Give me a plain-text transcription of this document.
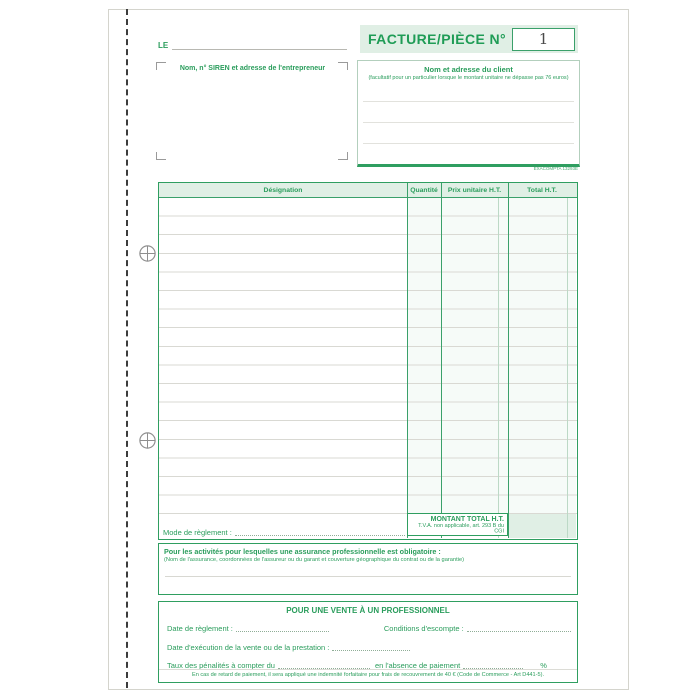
FACTURE/PIÈCE N°	1
LE
Nom, n° SIREN et adresse de l'entrepreneur	Nom et adresse du client
(facultatif pour un particulier lorsque le montant unitaire ne dépasse pas 76 euros)
EXACOMPTA 13293E
Désignation	Quantité	Prix unitaire H.T.	Total H.T.
MONTANT TOTAL H.T.
T.V.A. non applicable, art. 293 B du CGI
Mode de règlement :
Pour les activités pour lesquelles une assurance professionnelle est obligatoire :
(Nom de l'assurance, coordonnées de l'assureur ou du garant et couverture géographique du contrat ou de la garantie)
POUR UNE VENTE À UN PROFESSIONNEL
Date de règlement :	Conditions d'escompte :
Date d'exécution de la vente ou de la prestation :
Taux des pénalités à compter du	en l'absence de paiement	%
En cas de retard de paiement, il sera appliqué une indemnité forfaitaire pour frais de recouvrement de 40 € (Code de Commerce - Art D441-5).
